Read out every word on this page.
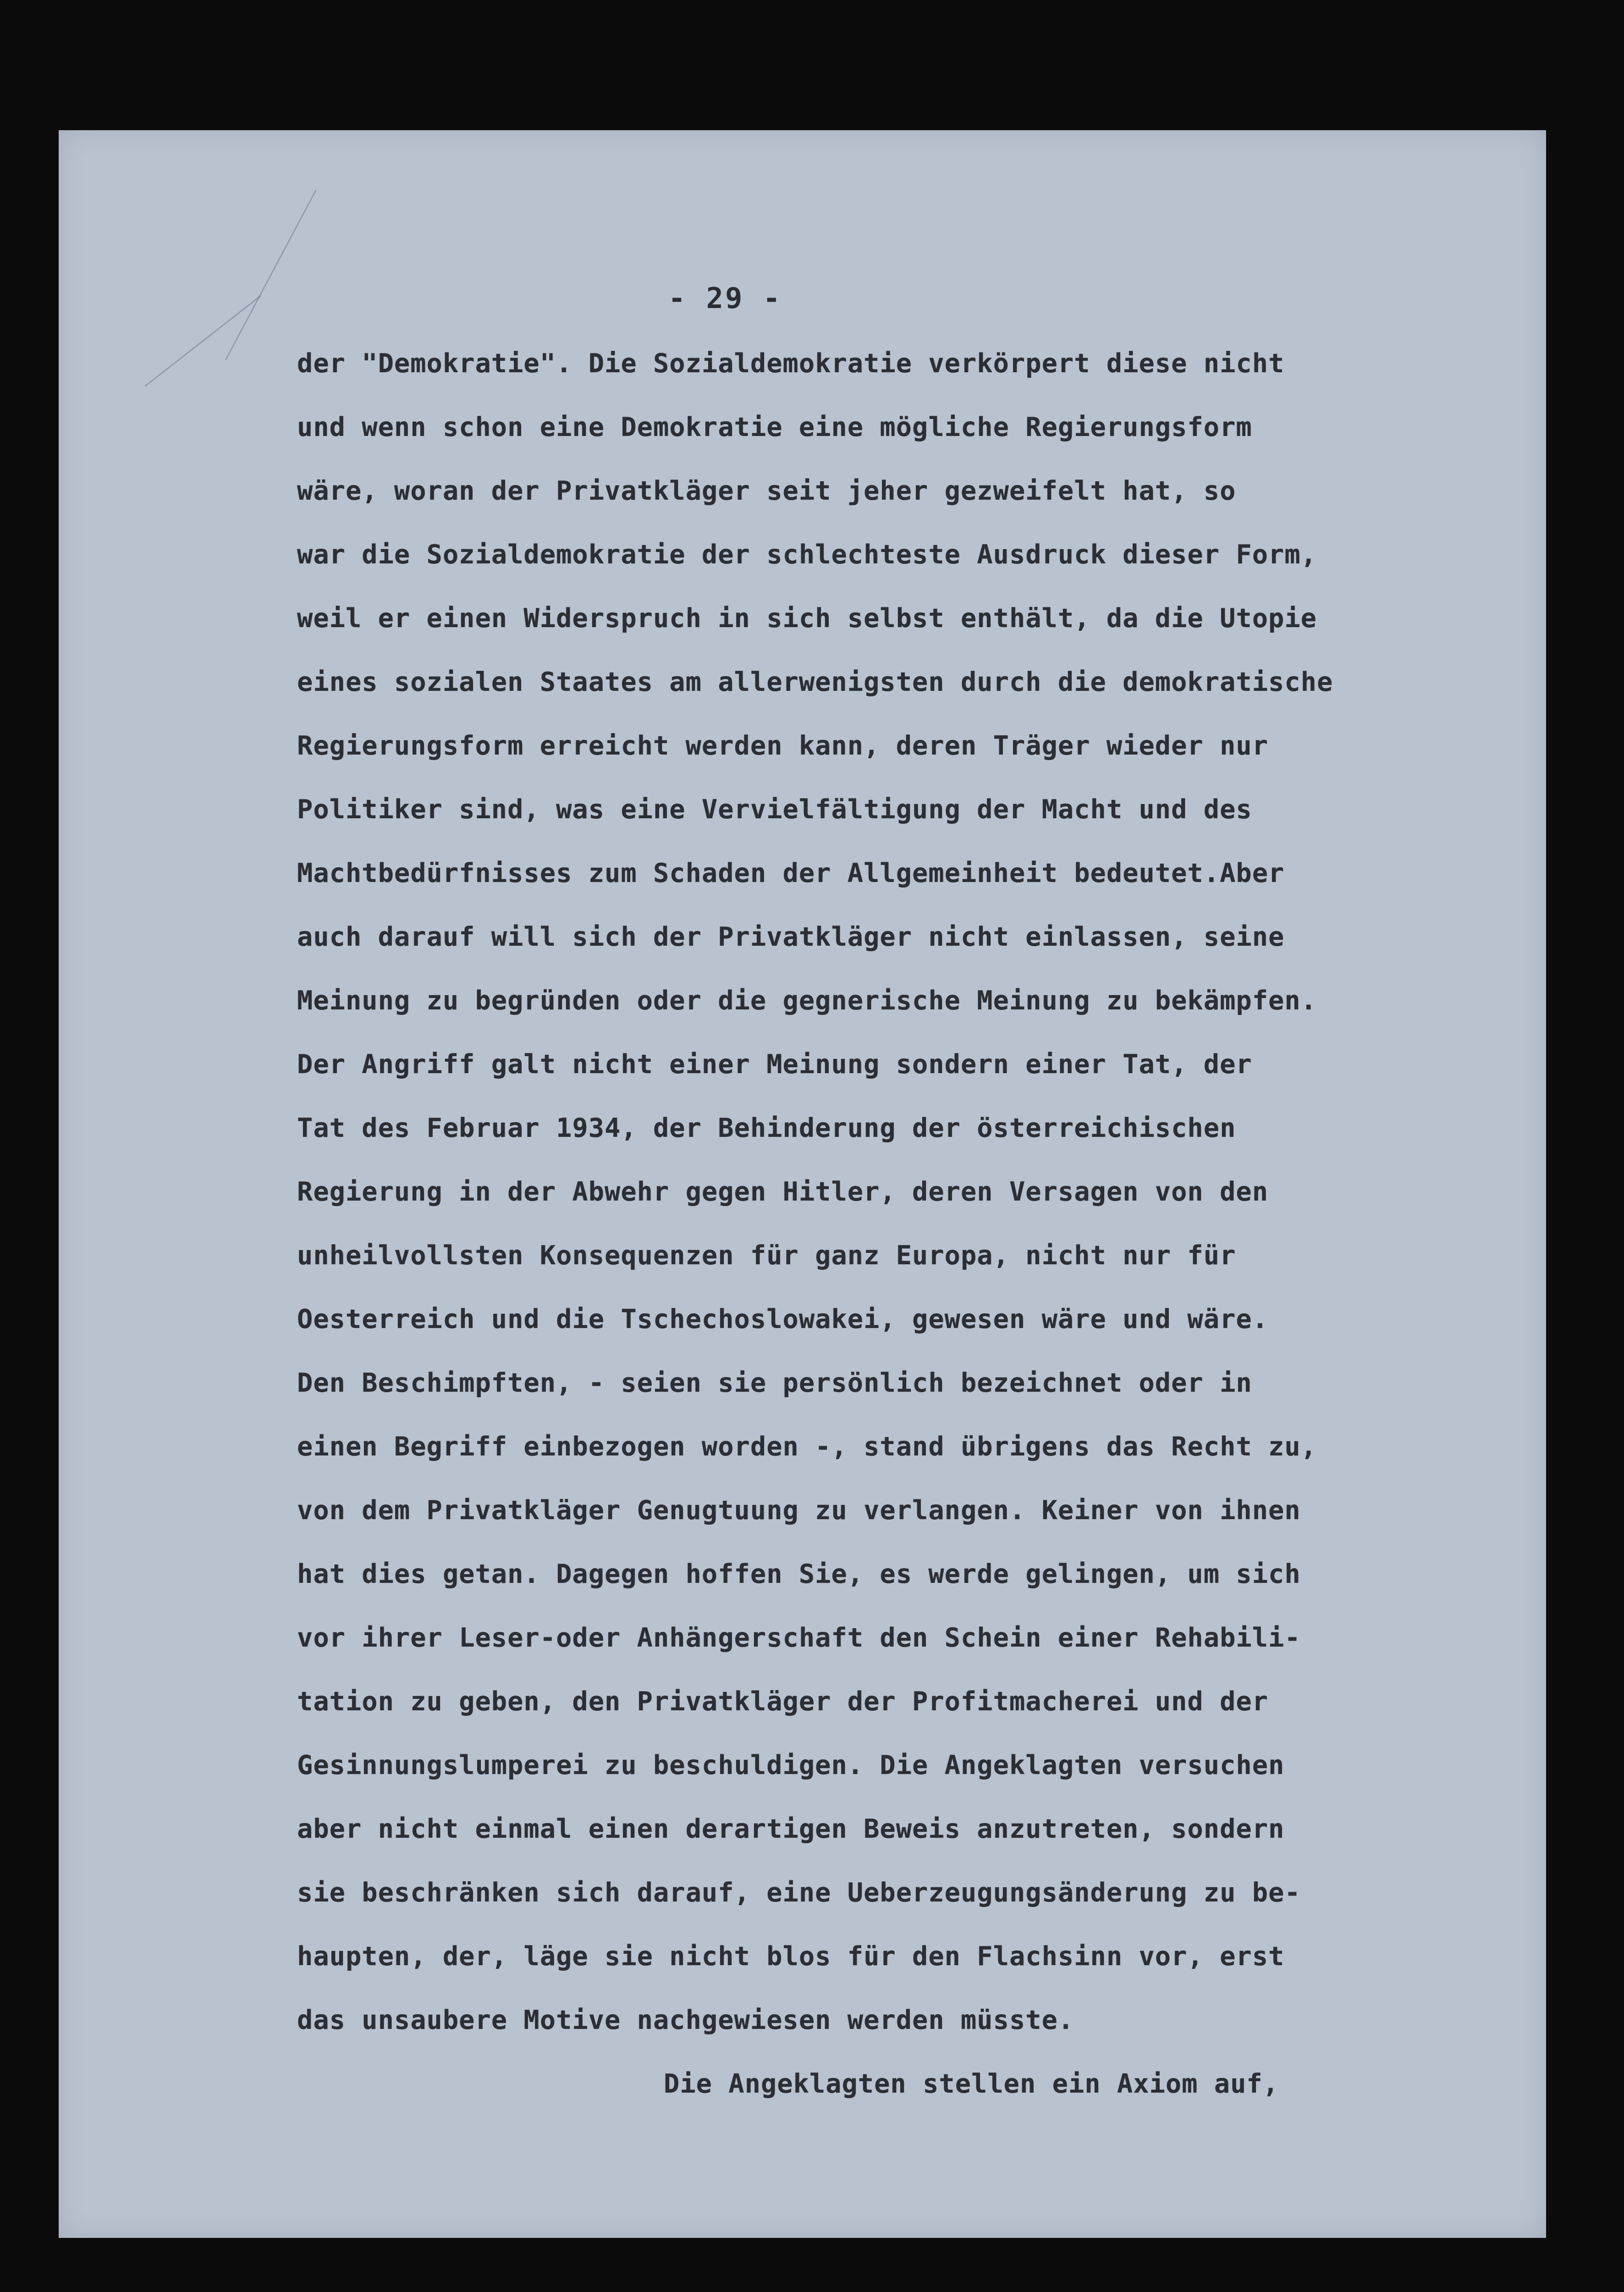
- 29 -
der "Demokratie". Die Sozialdemokratie verkörpert diese nicht
und wenn schon eine Demokratie eine mögliche Regierungsform
wäre, woran der Privatkläger seit jeher gezweifelt hat, so
war die Sozialdemokratie der schlechteste Ausdruck dieser Form,
weil er einen Widerspruch in sich selbst enthält, da die Utopie
eines sozialen Staates am allerwenigsten durch die demokratische
Regierungsform erreicht werden kann, deren Träger wieder nur
Politiker sind, was eine Vervielfältigung der Macht und des
Machtbedürfnisses zum Schaden der Allgemeinheit bedeutet.Aber
auch darauf will sich der Privatkläger nicht einlassen, seine
Meinung zu begründen oder die gegnerische Meinung zu bekämpfen.
Der Angriff galt nicht einer Meinung sondern einer Tat, der
Tat des Februar 1934, der Behinderung der österreichischen
Regierung in der Abwehr gegen Hitler, deren Versagen von den
unheilvollsten Konsequenzen für ganz Europa, nicht nur für
Oesterreich und die Tschechoslowakei, gewesen wäre und wäre.
Den Beschimpften, - seien sie persönlich bezeichnet oder in
einen Begriff einbezogen worden -, stand übrigens das Recht zu,
von dem Privatkläger Genugtuung zu verlangen. Keiner von ihnen
hat dies getan. Dagegen hoffen Sie, es werde gelingen, um sich
vor ihrer Leser-oder Anhängerschaft den Schein einer Rehabili-
tation zu geben, den Privatkläger der Profitmacherei und der
Gesinnungslumperei zu beschuldigen. Die Angeklagten versuchen
aber nicht einmal einen derartigen Beweis anzutreten, sondern
sie beschränken sich darauf, eine Ueberzeugungsänderung zu be-
haupten, der, läge sie nicht blos für den Flachsinn vor, erst
das unsaubere Motive nachgewiesen werden müsste.
Die Angeklagten stellen ein Axiom auf,
